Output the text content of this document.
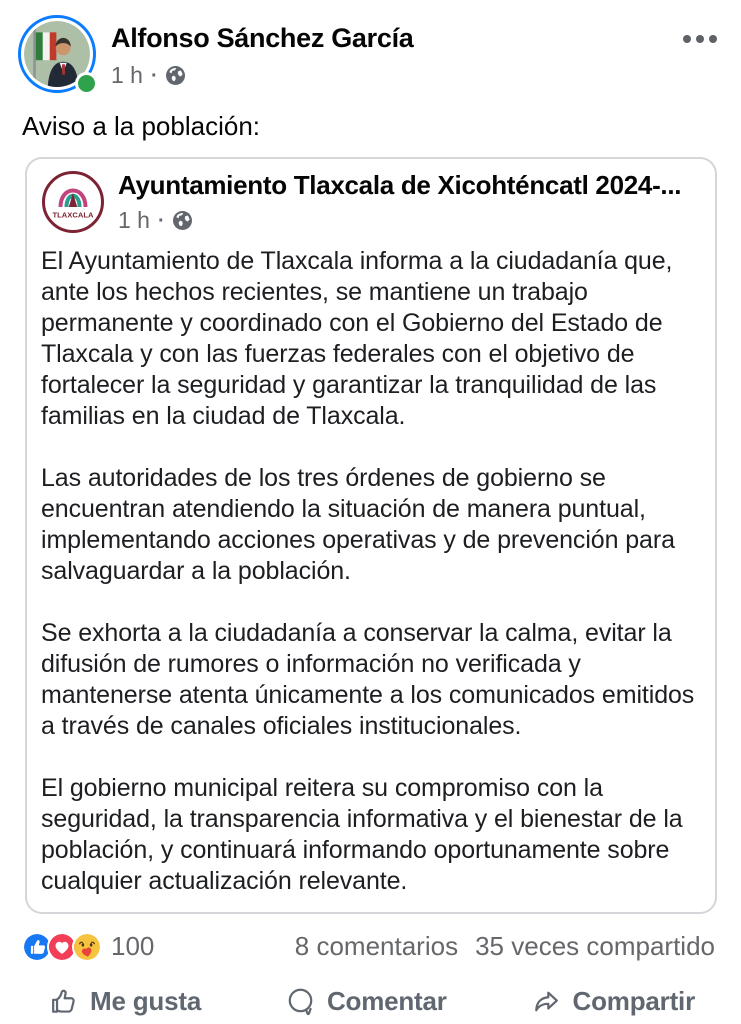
Alfonso Sánchez García
1 h ·
Aviso a la población:
TLAXCALA
Ayuntamiento Tlaxcala de Xicohténcatl 2024-...
1 h ·

El Ayuntamiento de Tlaxcala informa a la ciudadanía que, ante los hechos recientes, se mantiene un trabajo permanente y coordinado con el Gobierno del Estado de Tlaxcala y con las fuerzas federales con el objetivo de fortalecer la seguridad y garantizar la tranquilidad de las familias en la ciudad de Tlaxcala.

Las autoridades de los tres órdenes de gobierno se encuentran atendiendo la situación de manera puntual, implementando acciones operativas y de prevención para salvaguardar a la población.

Se exhorta a la ciudadanía a conservar la calma, evitar la difusión de rumores o información no verificada y mantenerse atenta únicamente a los comunicados emitidos a través de canales oficiales institucionales.

El gobierno municipal reitera su compromiso con la seguridad, la transparencia informativa y el bienestar de la población, y continuará informando oportunamente sobre cualquier actualización relevante.

100	8 comentarios 35 veces compartido
Me gusta	Comentar	Compartir
